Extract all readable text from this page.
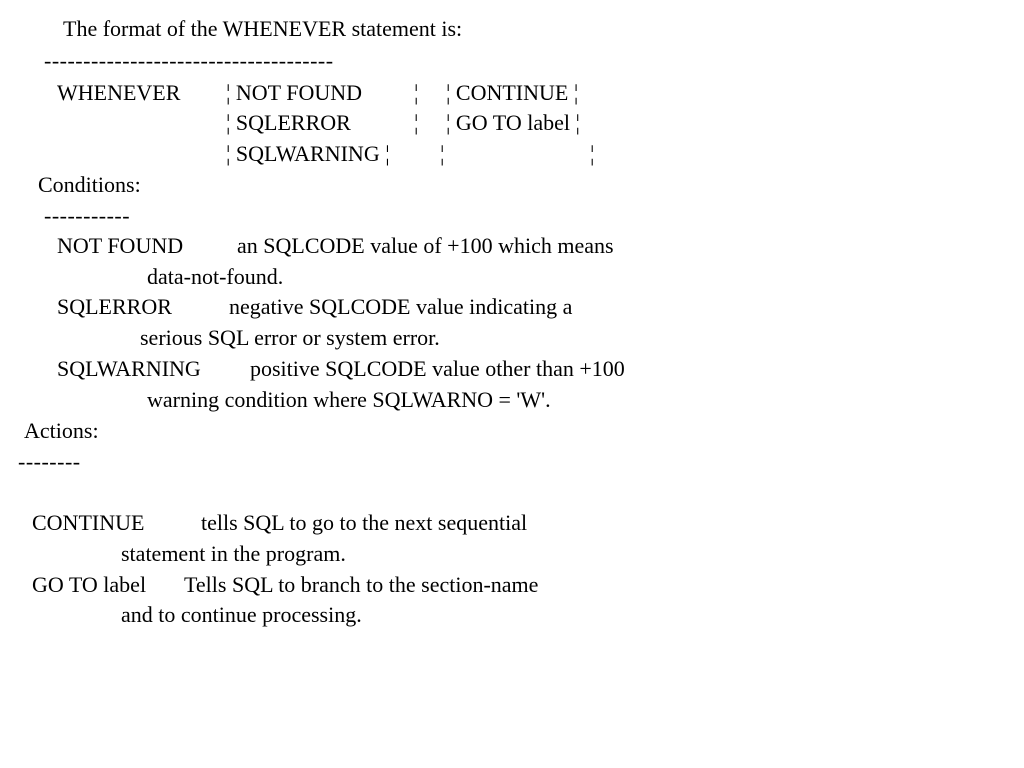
The format of the WHENEVER statement is:
-------------------------------------
WHENEVER ¦ NOT FOUND ¦ ¦ CONTINUE ¦
¦ SQLERROR	¦ ¦ GO TO label ¦
¦ SQLWARNING ¦ ¦	¦
Conditions:
-----------
NOT FOUND an SQLCODE value of +100 which means
data-not-found.
SQLERROR	negative SQLCODE value indicating a
serious SQL error or system error.
SQLWARNING positive SQLCODE value other than +100
warning condition where SQLWARNO = 'W'.
Actions:
--------
CONTINUE	tells SQL to go to the next sequential
statement in the program.
GO TO label Tells SQL to branch to the section-name
and to continue processing.
